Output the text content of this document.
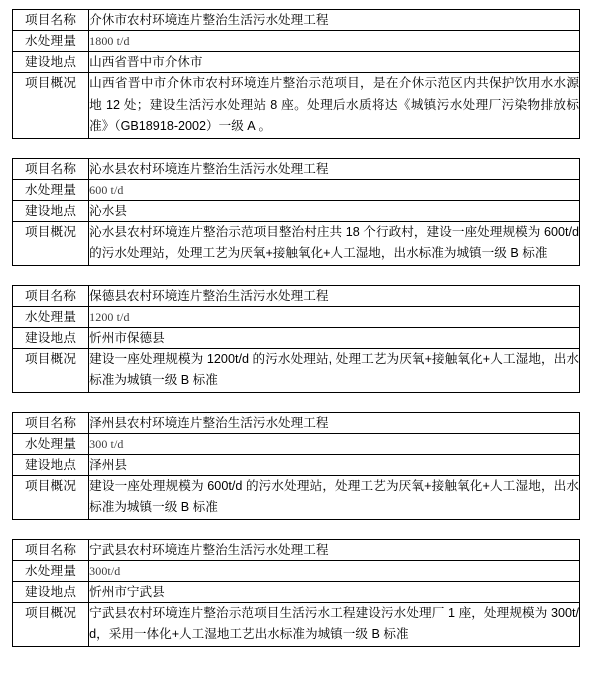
项目名称	介休市农村环境连片整治生活污水处理工程
水处理量	1800 t/d
建设地点	山西省晋中市介休市
项目概况	山西省晋中市介休市农村环境连片整治示范项目，是在介休示范区内共保护饮用水水源地 12 处；建设生活污水处理站 8 座。处理后水质将达《城镇污水处理厂污染物排放标准》（GB18918-2002）一级 A 。
项目名称	沁水县农村环境连片整治生活污水处理工程
水处理量	600 t/d
建设地点	沁水县
项目概况	沁水县农村环境连片整治示范项目整治村庄共 18 个行政村，建设一座处理规模为 600t/d 的污水处理站，处理工艺为厌氧+接触氧化+人工湿地，出水标准为城镇一级 B 标准
项目名称	保德县农村环境连片整治生活污水处理工程
水处理量	1200 t/d
建设地点	忻州市保德县
项目概况	建设一座处理规模为 1200t/d 的污水处理站, 处理工艺为厌氧+接触氧化+人工湿地，出水标准为城镇一级 B 标准
项目名称	泽州县农村环境连片整治生活污水处理工程
水处理量	300 t/d
建设地点	泽州县
项目概况	建设一座处理规模为 600t/d 的污水处理站，处理工艺为厌氧+接触氧化+人工湿地，出水标准为城镇一级 B 标准
项目名称	宁武县农村环境连片整治生活污水处理工程
水处理量	300t/d
建设地点	忻州市宁武县
项目概况	宁武县农村环境连片整治示范项目生活污水工程建设污水处理厂 1 座，处理规模为 300t/d，采用一体化+人工湿地工艺出水标准为城镇一级 B 标准
